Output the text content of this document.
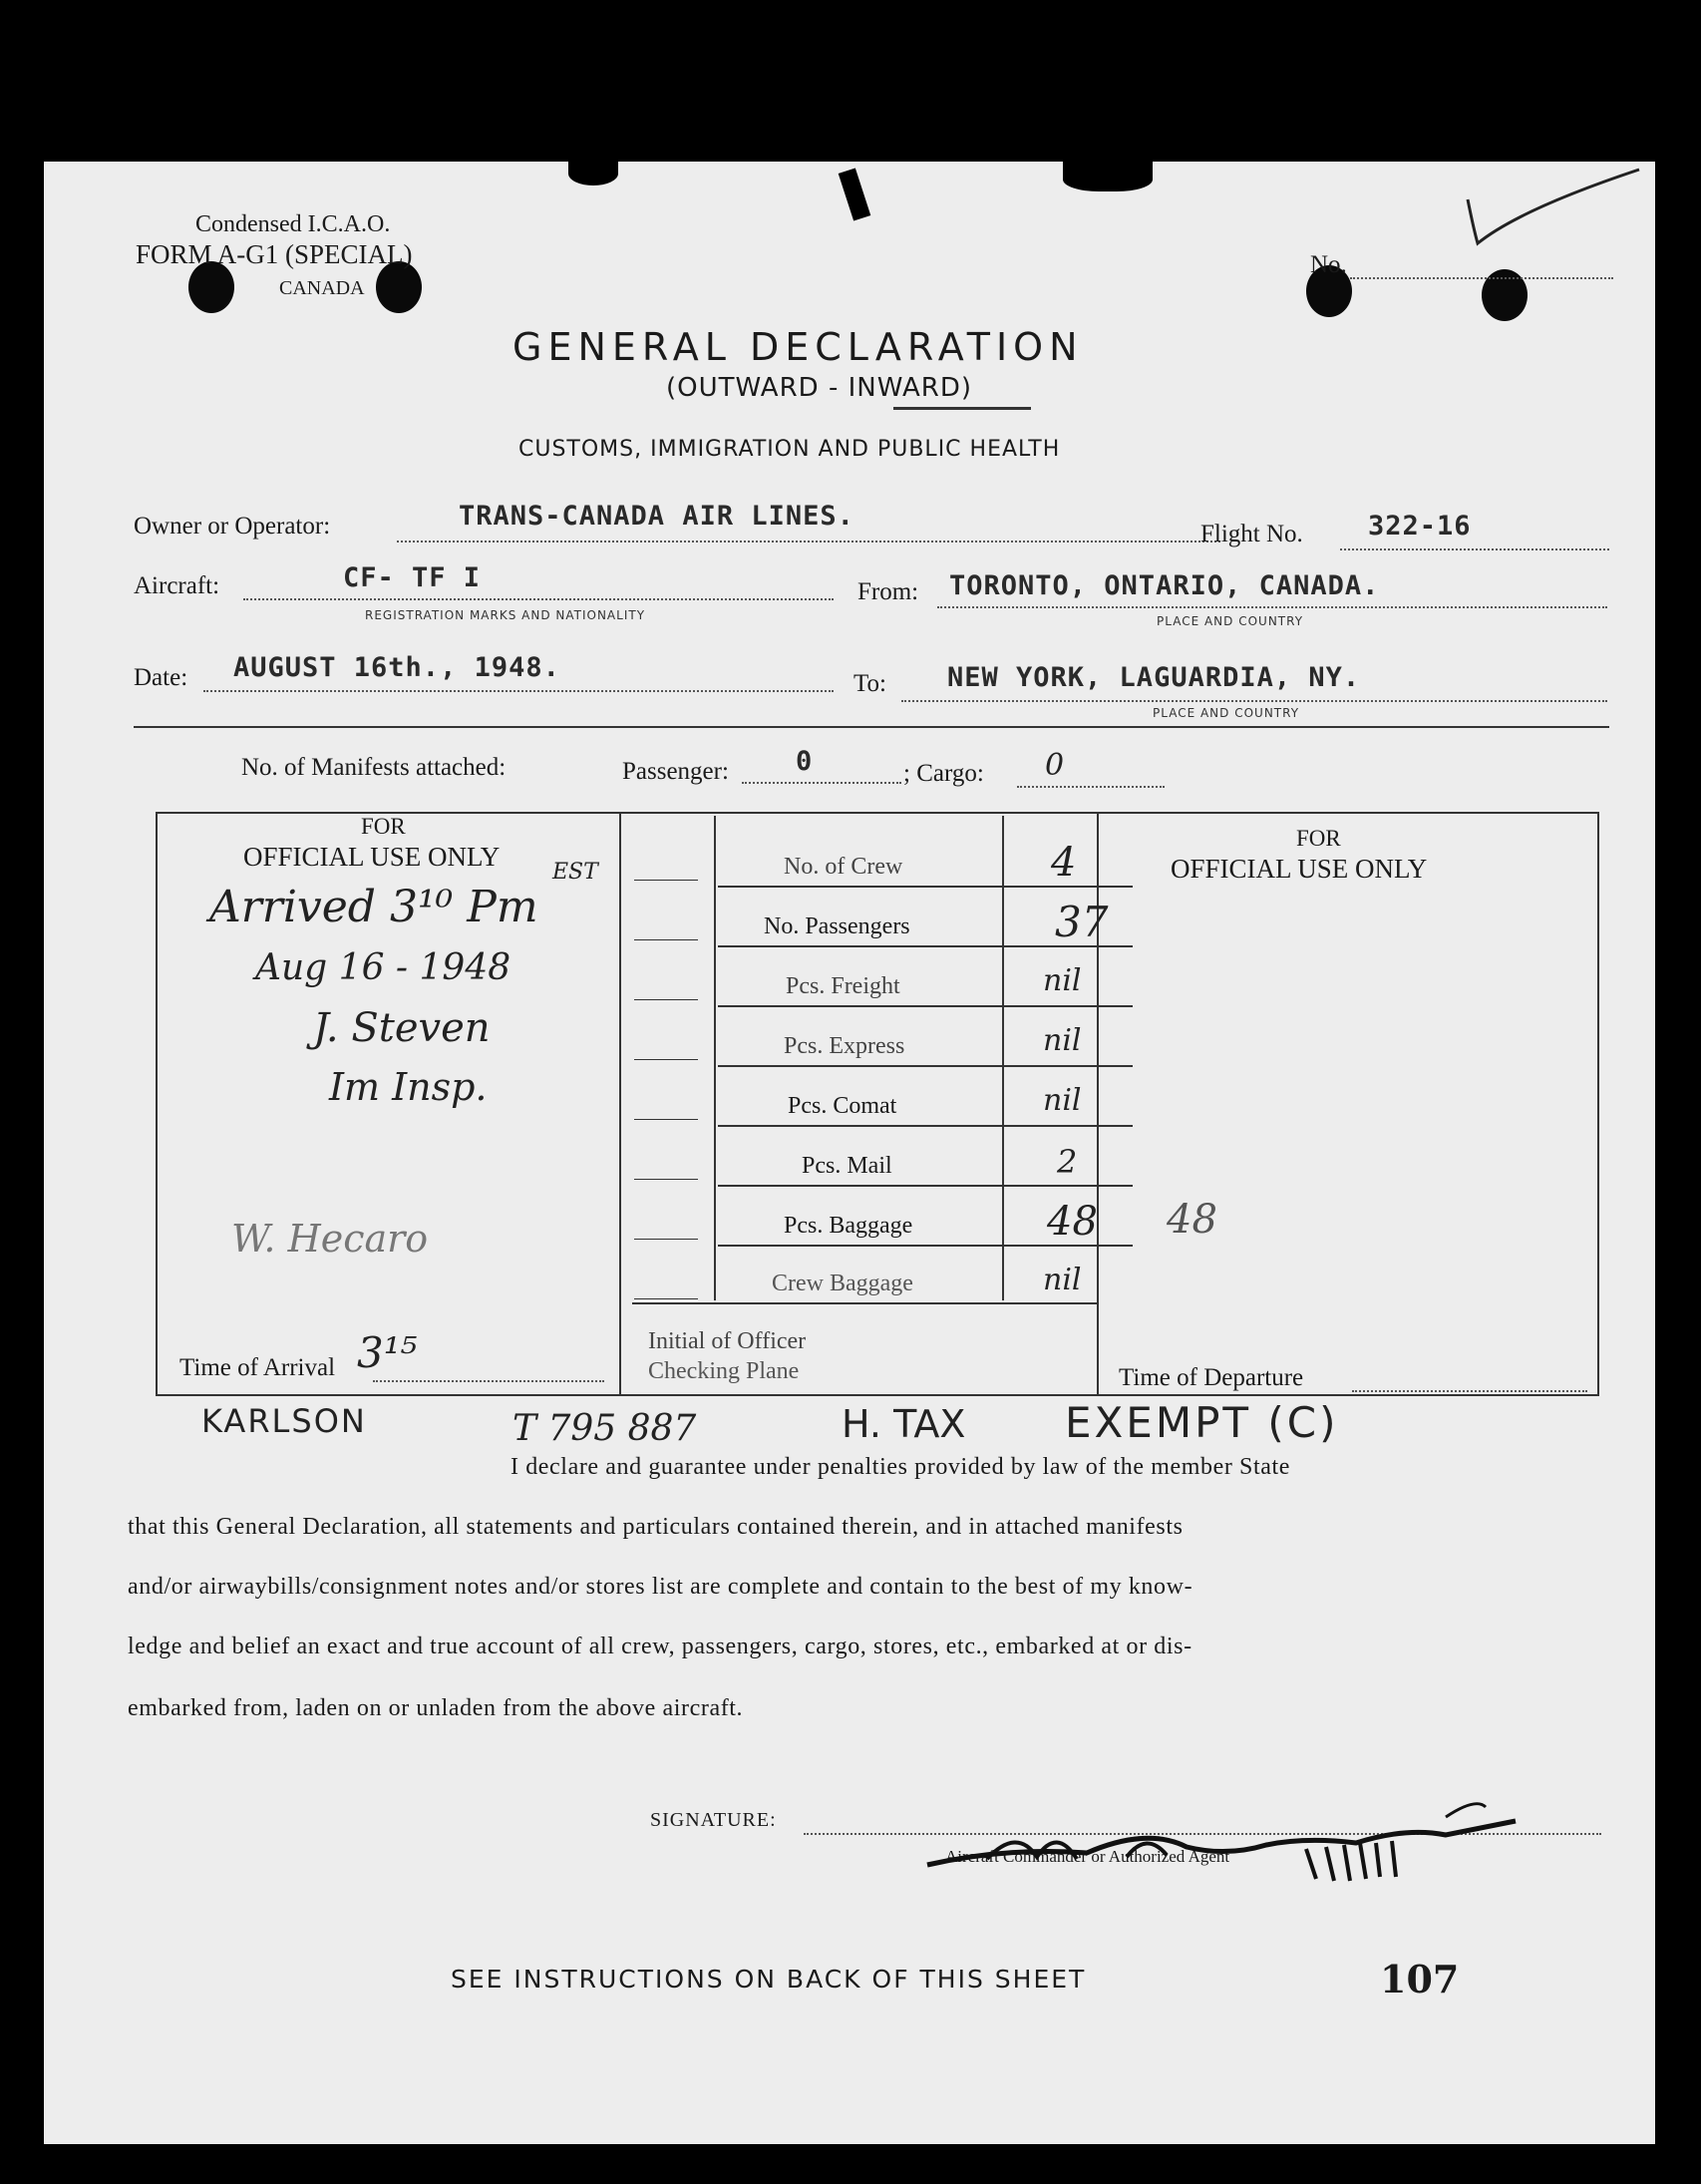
Condensed I.C.A.O.
FORM A-G1 (SPECIAL)
CANADA
No.
GENERAL DECLARATION
(OUTWARD - INWARD)
CUSTOMS, IMMIGRATION AND PUBLIC HEALTH
Owner or Operator:	TRANS-CANADA AIR LINES.
Flight No. 322-16
Aircraft:	CF- TF I
REGISTRATION MARKS AND NATIONALITY
From: TORONTO, ONTARIO, CANADA.
PLACE AND COUNTRY
Date: AUGUST 16th., 1948.
To: NEW YORK, LAGUARDIA, NY.
PLACE AND COUNTRY
No. of Manifests attached:	Passenger: 0	; Cargo: 0
FOR
OFFICIAL USE ONLY
EST
Arrived 3¹⁰ Pm
Aug 16 - 1948
J. Steven
Im Insp.
W. Hecaro
Time of Arrival 3¹⁵
No. of Crew	4
No. Passengers	37
Pcs. Freight	nil
Pcs. Express	nil
Pcs. Comat	nil
Pcs. Mail	2
Pcs. Baggage	48 48
Crew Baggage	nil
Initial of Officer
Checking Plane
FOR
OFFICIAL USE ONLY
Time of Departure
KARLSON	T 795 887	H. TAX EXEMPT (C)
I declare and guarantee under penalties provided by law of the member State
that this General Declaration, all statements and particulars contained therein, and in attached manifests
and/or airwaybills/consignment notes and/or stores list are complete and contain to the best of my know-
ledge and belief an exact and true account of all crew, passengers, cargo, stores, etc., embarked at or dis-
embarked from, laden on or unladen from the above aircraft.
SIGNATURE:
Aircraft Commander or Authorized Agent
SEE INSTRUCTIONS ON BACK OF THIS SHEET	107
